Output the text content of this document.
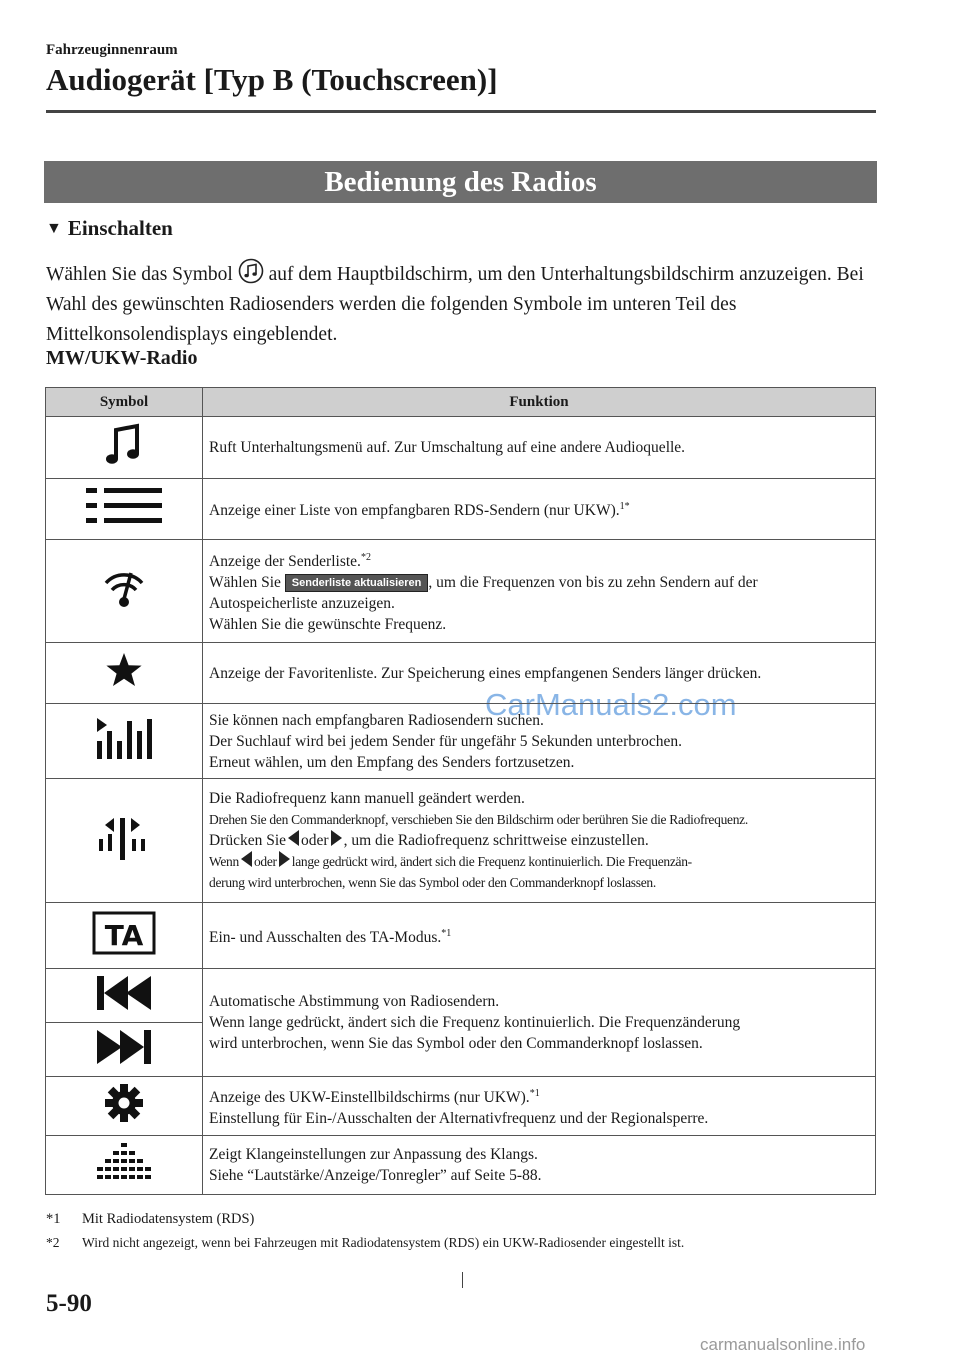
Fahrzeuginnenraum
Audiogerät [Typ B (Touchscreen)]
Bedienung des Radios
▼ Einschalten
Wählen Sie das Symbol  auf dem Hauptbildschirm, um den Unterhaltungsbildschirm anzuzeigen. Bei Wahl des gewünschten Radiosenders werden die folgenden Symbole im unteren Teil des Mittelkonsolendisplays eingeblendet.
MW/UKW-Radio
CarManuals2.com
Symbol	Funktion

Ruft Unterhaltungsmenü auf. Zur Umschaltung auf eine andere Audioquelle.

Anzeige einer Liste von empfangbaren RDS-Sendern (nur UKW).$^{1*}$

Anzeige der Senderliste.$^{*2}$
Wählen Sie Senderliste aktualisieren , um die Frequenzen von bis zu zehn Sendern auf der
Autospeicherliste anzuzeigen.
Wählen Sie die gewünschte Frequenz.

Anzeige der Favoritenliste. Zur Speicherung eines empfangenen Senders länger drücken.

Sie können nach empfangbaren Radiosendern suchen.
Der Suchlauf wird bei jedem Sender für ungefähr 5 Sekunden unterbrochen.
Erneut wählen, um den Empfang des Senders fortzusetzen.

Die Radiofrequenz kann manuell geändert werden.
Drehen Sie den Commanderknopf, verschieben Sie den Bildschirm oder berühren Sie die Radiofrequenz.
Drücken Sie oder , um die Radiofrequenz schrittweise einzustellen.
Wenn oder lange gedrückt wird, ändert sich die Frequenz kontinuierlich. Die Frequenzän-
derung wird unterbrochen, wenn Sie das Symbol oder den Commanderknopf loslassen.

TA	Ein- und Ausschalten des TA-Modus.$^{*1}$

Automatische Abstimmung von Radiosendern.
Wenn lange gedrückt, ändert sich die Frequenz kontinuierlich. Die Frequenzänderung
wird unterbrochen, wenn Sie das Symbol oder den Commanderknopf loslassen.

Anzeige des UKW-Einstellbildschirms (nur UKW).$^{*1}$
Einstellung für Ein-/Ausschalten der Alternativfrequenz und der Regionalsperre.

Zeigt Klangeinstellungen zur Anpassung des Klangs.
Siehe “Lautstärke/Anzeige/Tonregler” auf Seite 5-88.
*1 Mit Radiodatensystem (RDS)
*2 Wird nicht angezeigt, wenn bei Fahrzeugen mit Radiodatensystem (RDS) ein UKW-Radiosender eingestellt ist.
5-90
carmanualsonline.info
